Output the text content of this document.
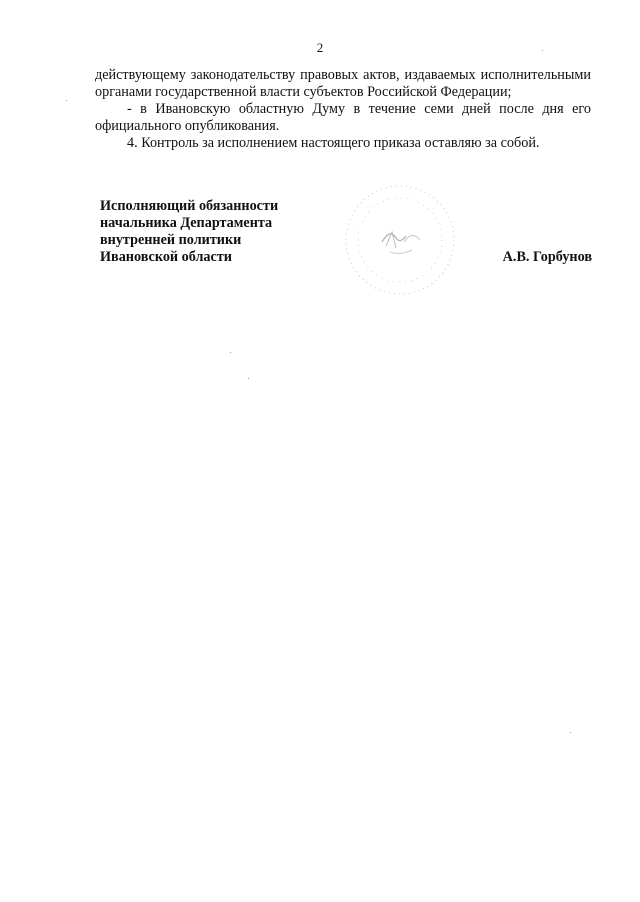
2

действующему законодательству правовых актов, издаваемых исполнительными органами государственной власти субъектов Российской Федерации;

- в Ивановскую областную Думу в течение семи дней после дня его официального опубликования.

4. Контроль за исполнением настоящего приказа оставляю за собой.

Исполняющий обязанности
начальника Департамента
внутренней политики
Ивановской области	А.В. Горбунов
